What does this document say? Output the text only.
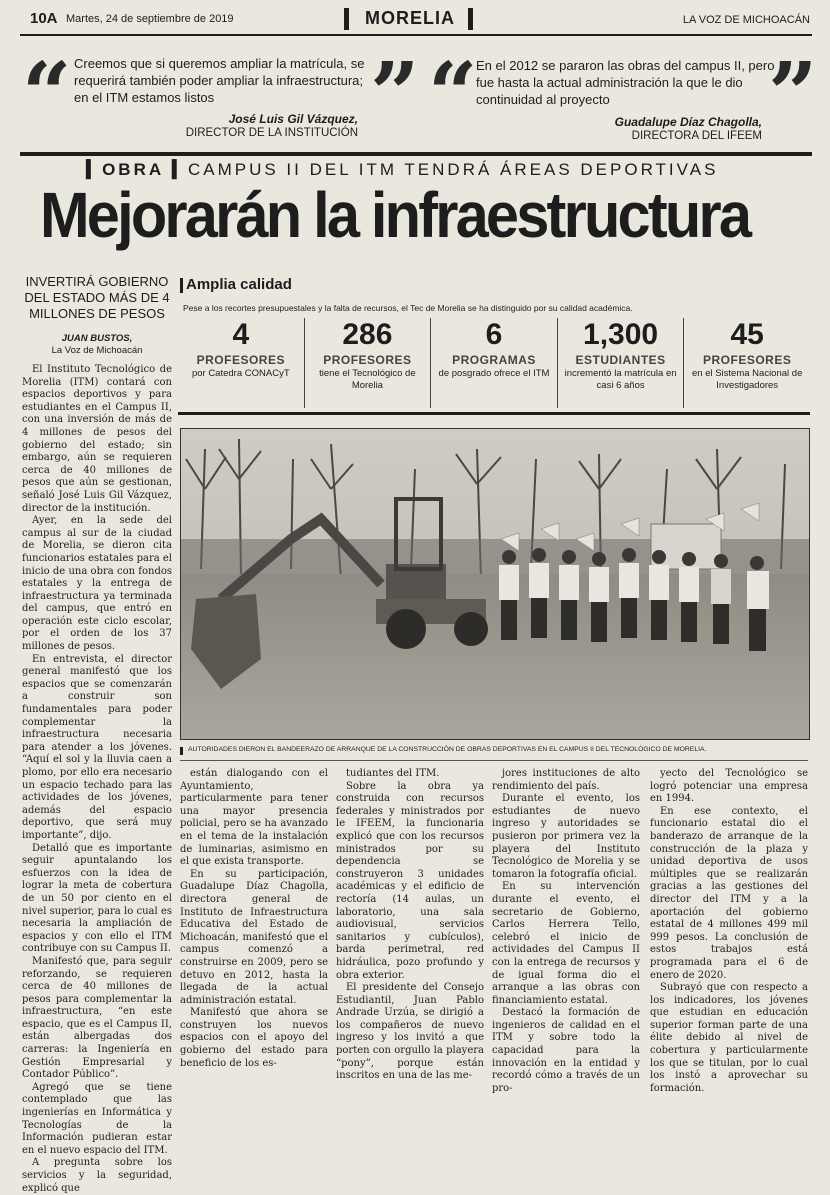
10A Martes, 24 de septiembre de 2019	MORELIA	LA VOZ DE MICHOACÁN
“ Creemos que si queremos ampliar la matrícula, se requerirá también poder ampliar la infraestructura; en el ITM estamos listos
José Luis Gil Vázquez,
DIRECTOR DE LA INSTITUCIÓN ” “
En el 2012 se pararon las obras del campus II, pero fue hasta la actual administración la que le dio continuidad al proyecto
Guadalupe Díaz Chagolla,
DIRECTORA DEL IFEEM ”
▍OBRA ▍CAMPUS II DEL ITM TENDRÁ ÁREAS DEPORTIVAS
Mejorarán la infraestructura
INVERTIRÁ GOBIERNO DEL ESTADO MÁS DE 4 MILLONES DE PESOS
JUAN BUSTOS,
La Voz de Michoacán
Amplia calidad
Pese a los recortes presupuestales y la falta de recursos, el Tec de Morelia se ha distinguido por su calidad académica.
4
PROFESORES
por Catedra CONACyT
286
PROFESORES
tiene el Tecnológico de Morelia
6
PROGRAMAS
de posgrado ofrece el ITM
1,300
ESTUDIANTES
incrementó la matrícula en casi 6 años
45
PROFESORES
en el Sistema Nacional de Investigadores
AUTORIDADES DIERON EL BANDEERAZO DE ARRANQUE DE LA CONSTRUCCIÓN DE OBRAS DEPORTIVAS EN EL CAMPUS II DEL TECNOLÓGICO DE MORELIA.

El Instituto Tecnológico de Morelia (ITM) contará con espacios deportivos y para estudiantes en el Campus II, con una inversión de más de 4 millones de pesos del gobierno del estado; sin embargo, aún se requieren cerca de 40 millones de pesos que aún se gestionan, señaló José Luis Gil Vázquez, director de la institución.

Ayer, en la sede del campus al sur de la ciudad de Morelia, se dieron cita funcionarios estatales para el inicio de una obra con fondos estatales y la entrega de infraestructura ya terminada del campus, que entró en operación este ciclo escolar, por el orden de los 37 millones de pesos.

En entrevista, el director general manifestó que los espacios que se comenzarán a construir son fundamentales para poder complementar la infraestructura necesaria para atender a los jóvenes. “Aquí el sol y la lluvia caen a plomo, por ello era necesario un espacio techado para las actividades de los jóvenes, además del espacio deportivo, que será muy importante”, dijo.

Detalló que es importante seguir apuntalando los esfuerzos con la idea de lograr la meta de cobertura de un 50 por ciento en el nivel superior, para lo cual es necesaria la ampliación de espacios y con ello el ITM contribuye con su Campus II.

Manifestó que, para seguir reforzando, se requieren cerca de 40 millones de pesos para complementar la infraestructura, “en este espacio, que es el Campus II, están albergadas dos carreras: la Ingeniería en Gestión Empresarial y Contador Público”.

Agregó que se tiene contemplado que las ingenierías en Informática y Tecnologías de la Información pudieran estar en el nuevo espacio del ITM.

A pregunta sobre los servicios y la seguridad, explicó que

están dialogando con el Ayuntamiento, particularmente para tener una mayor presencia policial, pero se ha avanzado en el tema de la instalación de luminarias, asimismo en el que exista transporte.

En su participación, Guadalupe Díaz Chagolla, directora general de Instituto de Infraestructura Educativa del Estado de Michoacán, manifestó que el campus comenzó a construirse en 2009, pero se detuvo en 2012, hasta la llegada de la actual administración estatal.

Manifestó que ahora se construyen los nuevos espacios con el apoyo del gobierno del estado para beneficio de los es-

tudiantes del ITM.

Sobre la obra ya construida con recursos federales y ministrados por le IFEEM, la funcionaria explicó que con los recursos ministrados por su dependencia se construyeron 3 unidades académicas y el edificio de rectoría (14 aulas, un laboratorio, una sala audiovisual, servicios sanitarios y cubículos), barda perimetral, red hidráulica, pozo profundo y obra exterior.

El presidente del Consejo Estudiantil, Juan Pablo Andrade Urzúa, se dirigió a los compañeros de nuevo ingreso y los invitó a que porten con orgullo la playera “pony”, porque están inscritos en una de las me-

jores instituciones de alto rendimiento del país.

Durante el evento, los estudiantes de nuevo ingreso y autoridades se pusieron por primera vez la playera del Instituto Tecnológico de Morelia y se tomaron la fotografía oficial.

En su intervención durante el evento, el secretario de Gobierno, Carlos Herrera Tello, celebró el inicio de actividades del Campus II con la entrega de recursos y de igual forma dio el arranque a las obras con financiamiento estatal.

Destacó la formación de ingenieros de calidad en el ITM y sobre todo la capacidad para la innovación en la entidad y recordó cómo a través de un pro-

yecto del Tecnológico se logró potenciar una empresa en 1994.

En ese contexto, el funcionario estatal dio el banderazo de arranque de la construcción de la plaza y unidad deportiva de usos múltiples que se realizarán gracias a las gestiones del director del ITM y a la aportación del gobierno estatal de 4 millones 499 mil 999 pesos. La conclusión de estos trabajos está programada para el 6 de enero de 2020.

Subrayó que con respecto a los indicadores, los jóvenes que estudian en educación superior forman parte de una élite debido al nivel de cobertura y particularmente los que se titulan, por lo cual los instó a aprovechar su formación.
